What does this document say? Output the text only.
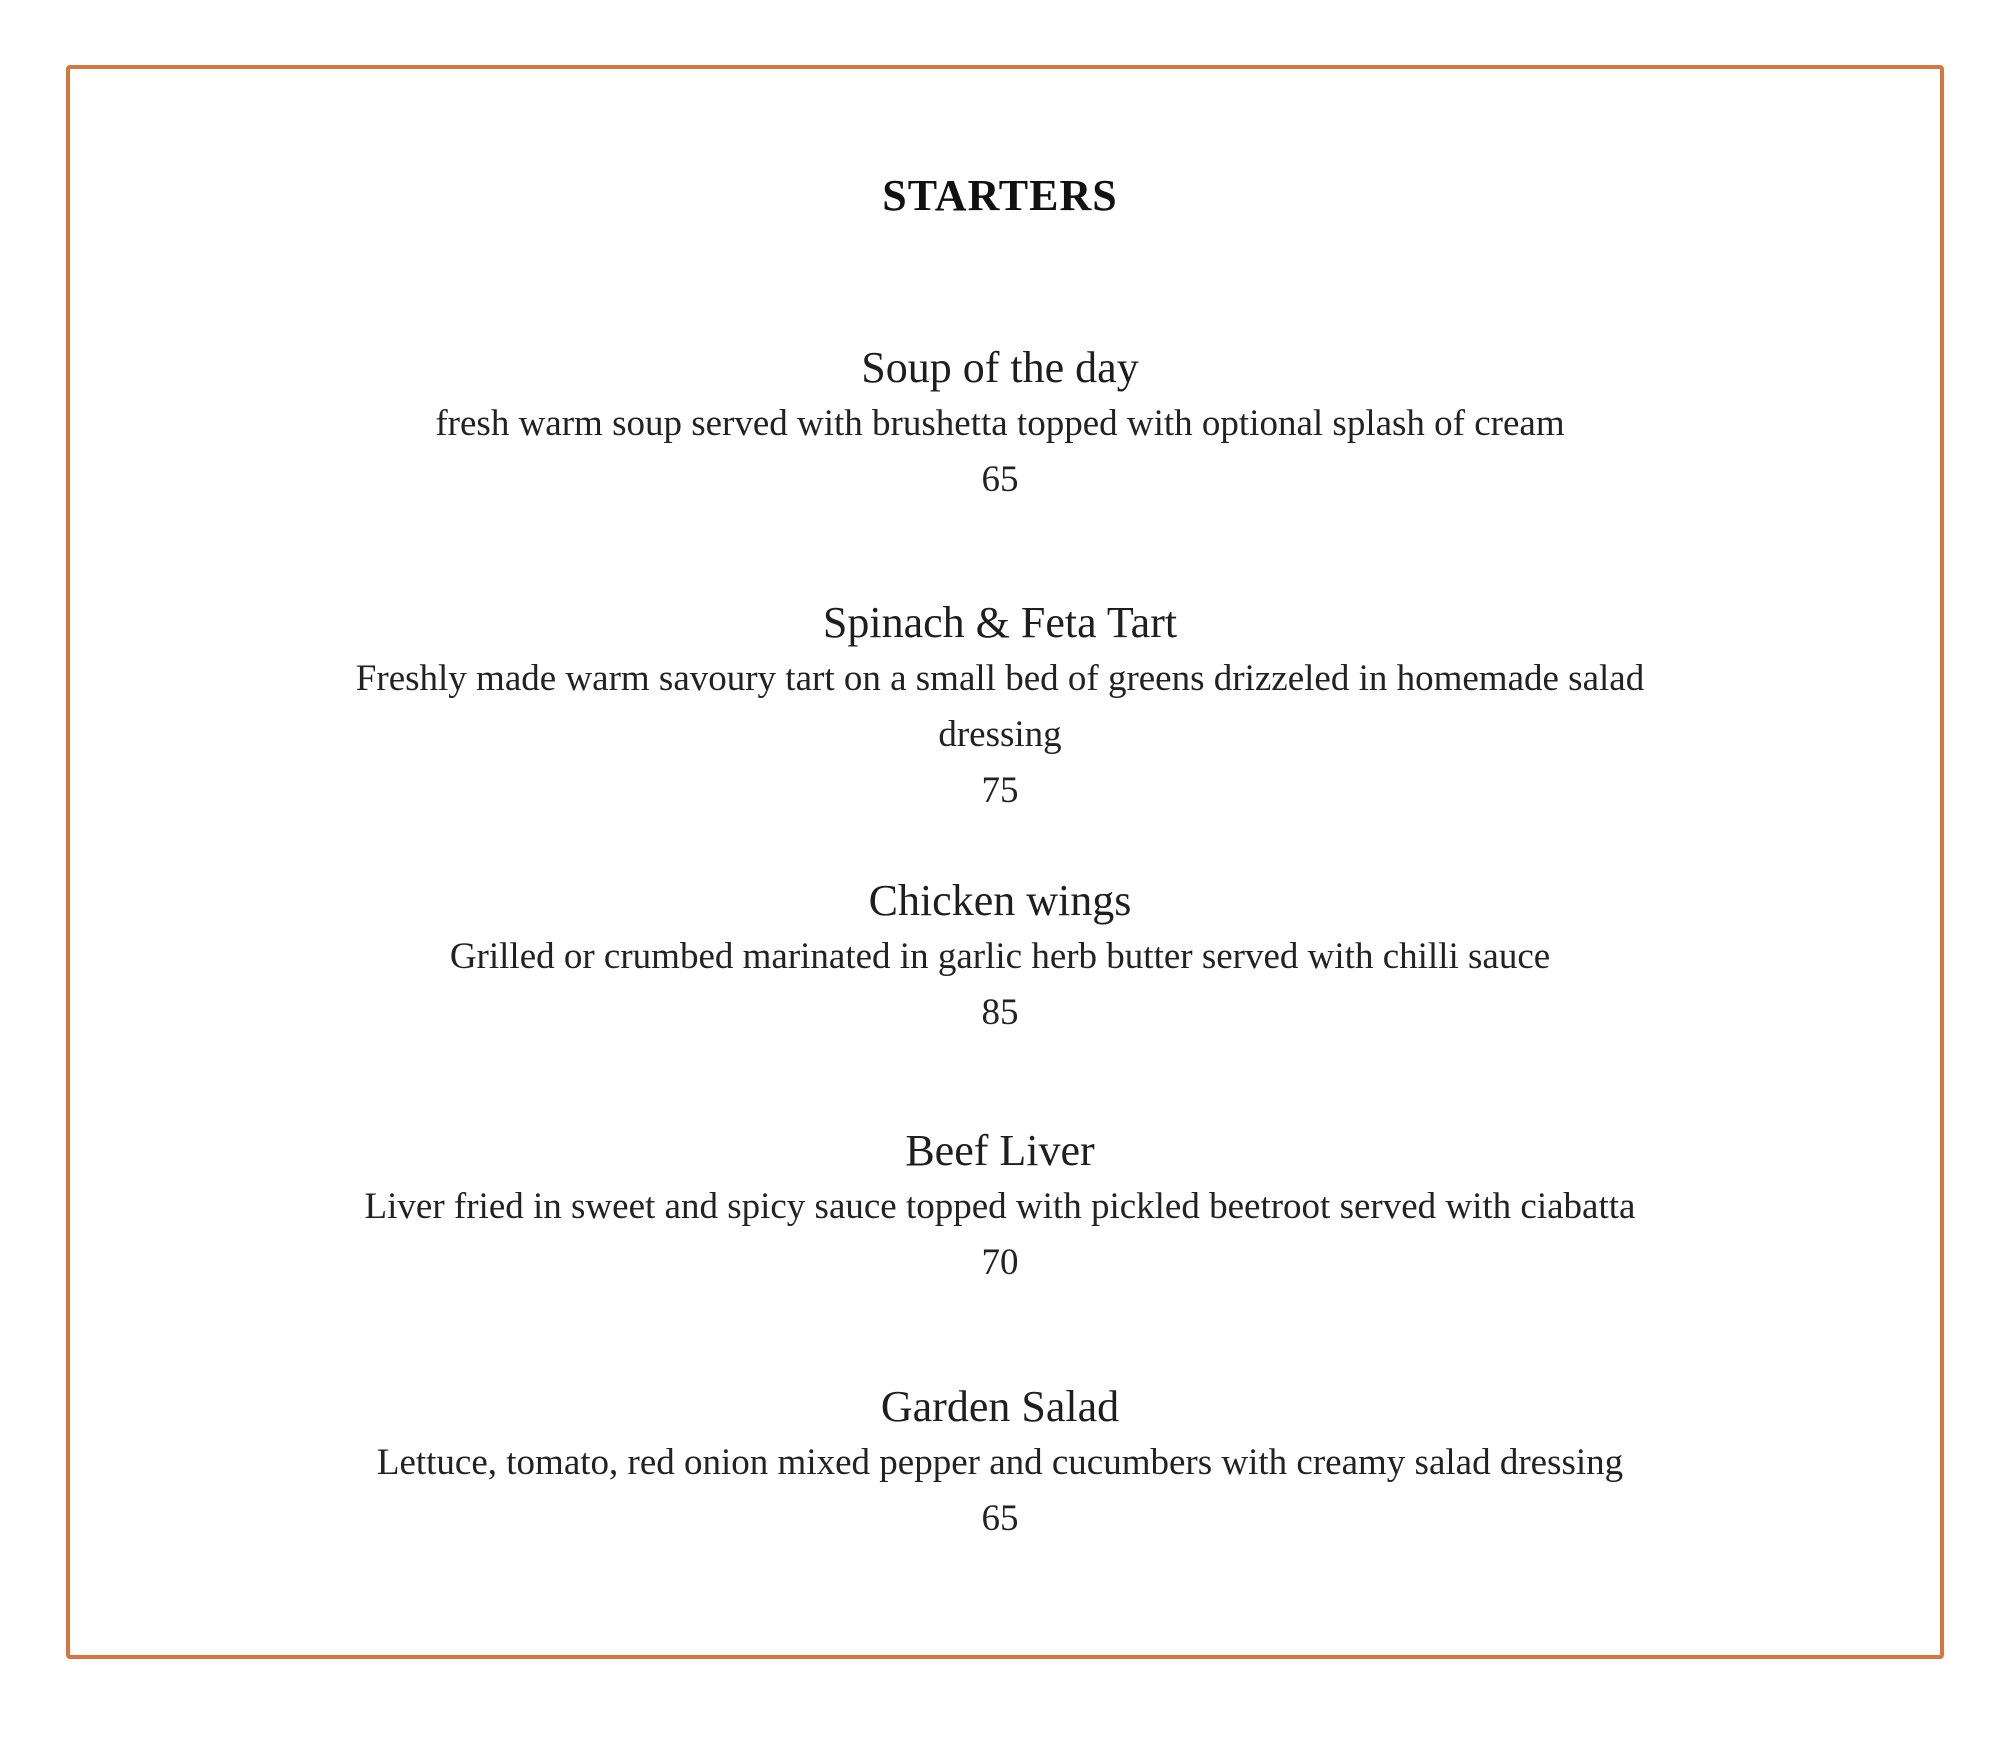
STARTERS
Soup of the day
fresh warm soup served with brushetta topped with optional splash of cream
65
Spinach & Feta Tart
Freshly made warm savoury tart on a small bed of greens drizzeled in homemade salad dressing
75
Chicken wings
Grilled or crumbed marinated in garlic herb butter served with chilli sauce
85
Beef Liver
Liver fried in sweet and spicy sauce topped with pickled beetroot served with ciabatta
70
Garden Salad
Lettuce, tomato, red onion mixed pepper and cucumbers with creamy salad dressing
65
